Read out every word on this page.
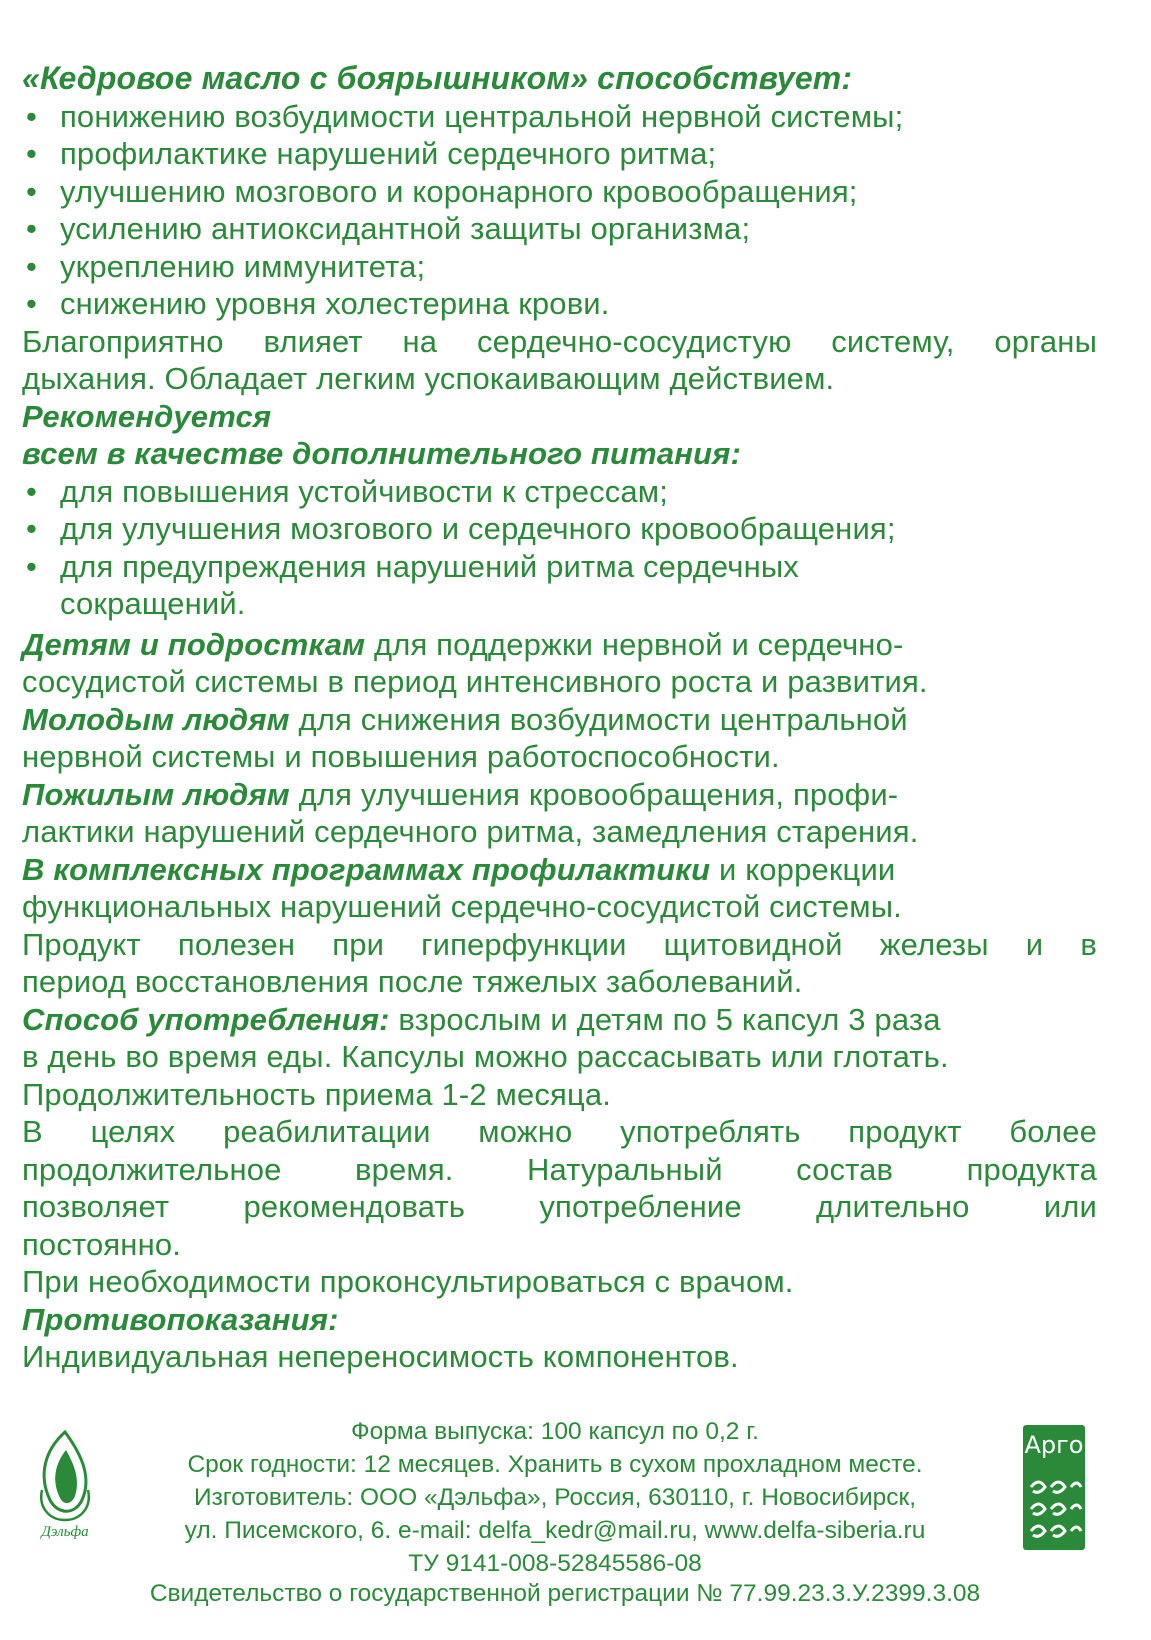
«Кедровое масло с боярышником» способствует:
• понижению возбудимости центральной нервной системы;
• профилактике нарушений сердечного ритма;
• улучшению мозгового и коронарного кровообращения;
• усилению антиоксидантной защиты организма;
• укреплению иммунитета;
• снижению уровня холестерина крови.
Благоприятно влияет на сердечно-сосудистую систему, органы
дыхания. Обладает легким успокаивающим действием.
Рекомендуется
всем в качестве дополнительного питания:
• для повышения устойчивости к стрессам;
• для улучшения мозгового и сердечного кровообращения;
• для предупреждения нарушений ритма сердечных сокращений.
Детям и подросткам для поддержки нервной и сердечно-
сосудистой системы в период интенсивного роста и развития.
Молодым людям для снижения возбудимости центральной
нервной системы и повышения работоспособности.
Пожилым людям для улучшения кровообращения, профи-
лактики нарушений сердечного ритма, замедления старения.
В комплексных программах профилактики и коррекции
функциональных нарушений сердечно-сосудистой системы.
Продукт полезен при гиперфункции щитовидной железы и в
период восстановления после тяжелых заболеваний.
Способ употребления: взрослым и детям по 5 капсул 3 раза
в день во время еды. Капсулы можно рассасывать или глотать.
Продолжительность приема 1-2 месяца.
В целях реабилитации можно употреблять продукт более
продолжительное время. Натуральный состав продукта
позволяет рекомендовать употребление длительно или
постоянно.
При необходимости проконсультироваться с врачом.
Противопоказания:
Индивидуальная непереносимость компонентов.
Дэльфа
Форма выпуска: 100 капсул по 0,2 г.
Срок годности: 12 месяцев. Хранить в сухом прохладном месте.
Изготовитель: ООО «Дэльфа», Россия, 630110, г. Новосибирск,
ул. Писемского, 6. e-mail: delfa_kedr@mail.ru, www.delfa-siberia.ru
ТУ 9141-008-52845586-08
Свидетельство о государственной регистрации № 77.99.23.3.У.2399.3.08
Арго
